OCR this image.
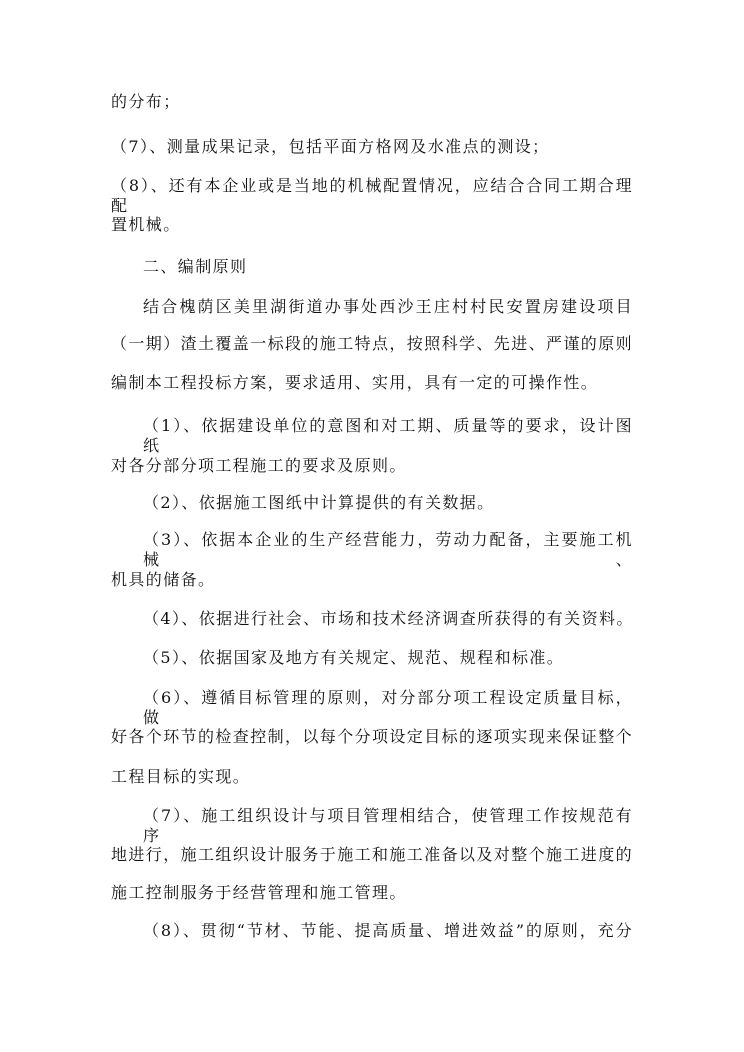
的分布；
（7）、测量成果记录，包括平面方格网及水准点的测设；
（8）、还有本企业或是当地的机械配置情况，应结合合同工期合理配
置机械。
二、编制原则
结合槐荫区美里湖街道办事处西沙王庄村村民安置房建设项目
（一期）渣土覆盖一标段的施工特点，按照科学、先进、严谨的原则
编制本工程投标方案，要求适用、实用，具有一定的可操作性。
（1）、依据建设单位的意图和对工期、质量等的要求，设计图纸
对各分部分项工程施工的要求及原则。
（2）、依据施工图纸中计算提供的有关数据。
（3）、依据本企业的生产经营能力，劳动力配备，主要施工机械、
机具的储备。
（4）、依据进行社会、市场和技术经济调查所获得的有关资料。
（5）、依据国家及地方有关规定、规范、规程和标准。
（6）、遵循目标管理的原则，对分部分项工程设定质量目标，做
好各个环节的检查控制，以每个分项设定目标的逐项实现来保证整个
工程目标的实现。
（7）、施工组织设计与项目管理相结合，使管理工作按规范有序
地进行，施工组织设计服务于施工和施工准备以及对整个施工进度的
施工控制服务于经营管理和施工管理。
（8）、贯彻“节材、节能、提高质量、增进效益”的原则，充分
